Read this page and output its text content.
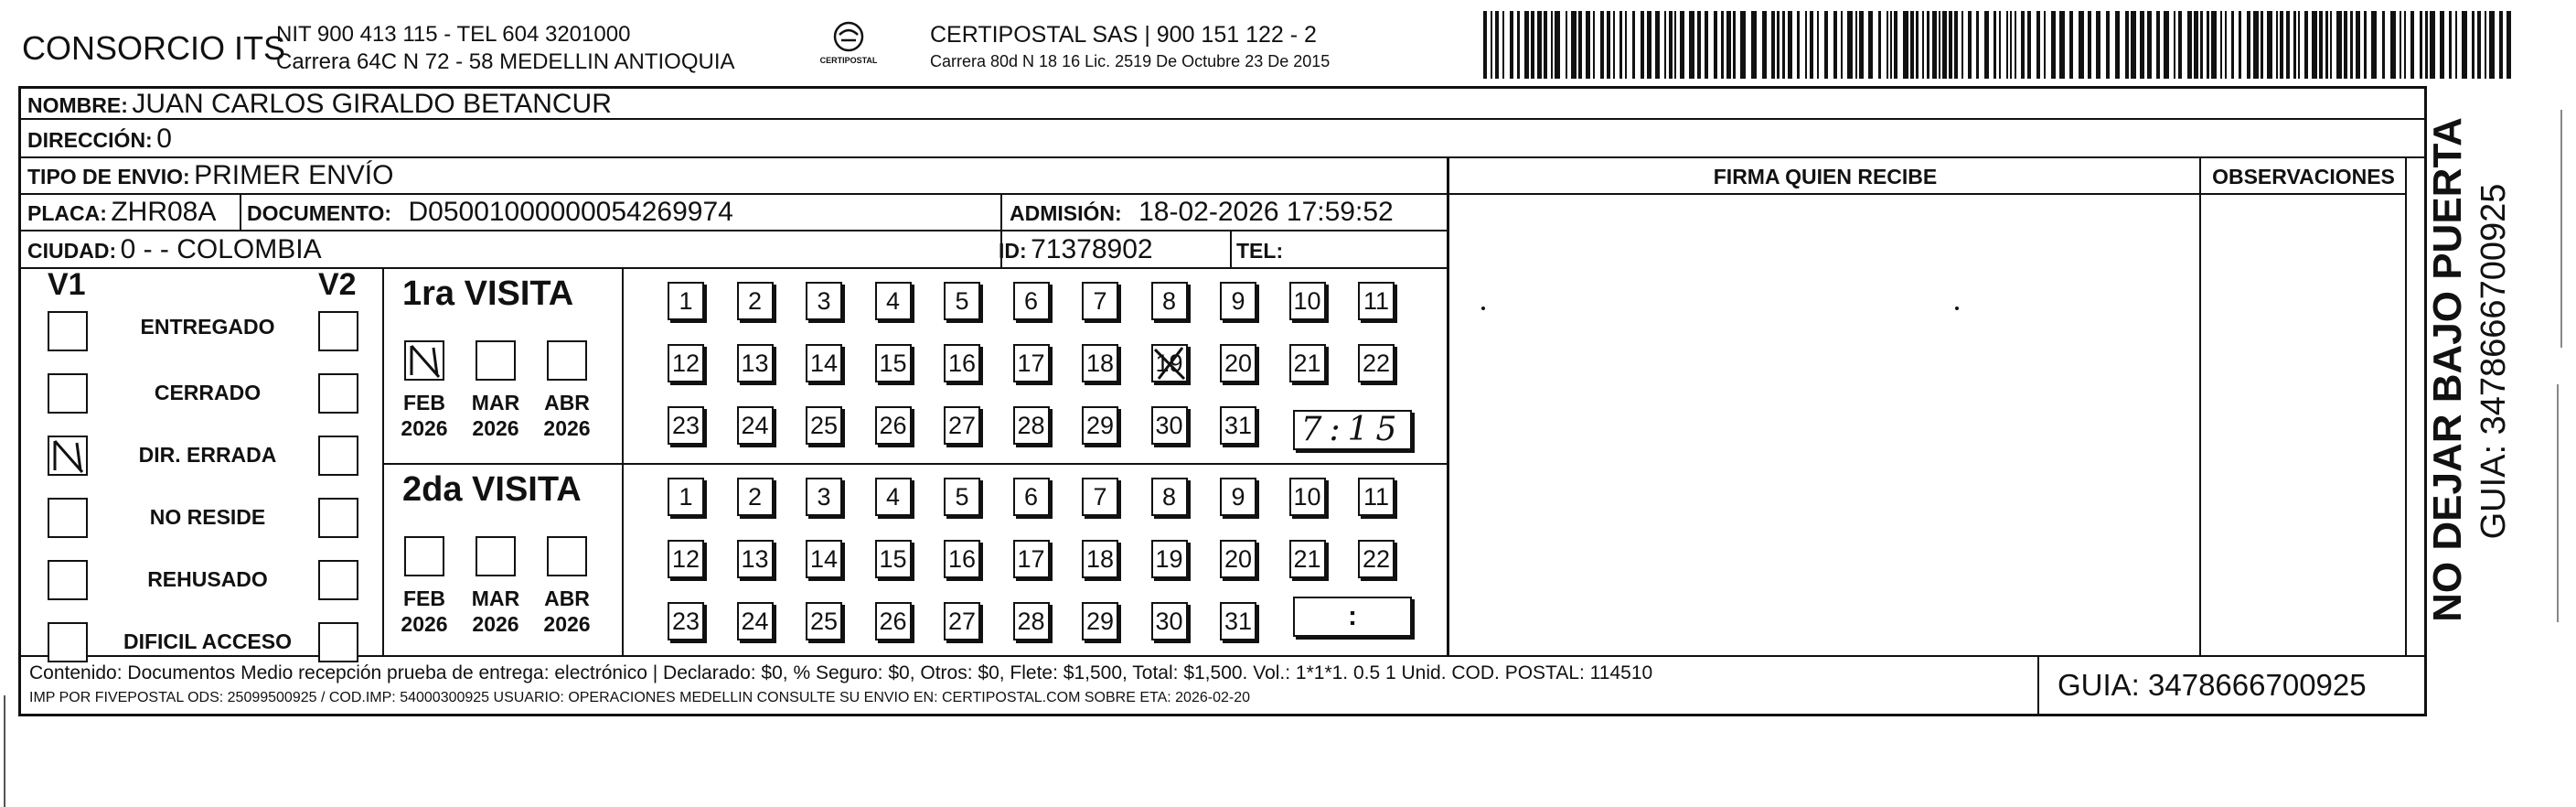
CONSORCIO ITS
NIT 900 413 115 - TEL 604 3201000
Carrera 64C N 72 - 58 MEDELLIN ANTIOQUIA	CERTIPOSTAL
CERTIPOSTAL SAS | 900 151 122 - 2
Carrera 80d N 18 16 Lic. 2519 De Octubre 23 De 2015
NOMBRE: JUAN CARLOS GIRALDO BETANCUR
DIRECCIÓN: 0
TIPO DE ENVIO: PRIMER ENVÍO	FIRMA QUIEN RECIBE	OBSERVACIONES
PLACA: ZHR08A DOCUMENTO: D05001000000054269974	ADMISIÓN: 18-02-2026 17:59:52
CIUDAD: 0 - - COLOMBIA	ID: 71378902	TEL:
V1	V2
ENTREGADO
CERRADO
DIR. ERRADA
NO RESIDE
REHUSADO
DIFICIL ACCESO
1ra VISITA
2da VISITA
FEB
2026
MAR
2026
ABR
2026
FEB
2026
MAR
2026
ABR
2026
1 2 3 4 5 6 7 8 9 10 11
12 13 14 15 16 17 18 19 20 21 22
23 24 25 26 27 28 29 30 31
1 2 3 4 5 6 7 8 9 10 11
12 13 14 15 16 17 18 19 20 21 22
23 24 25 26 27 28 29 30 31
7:15
:
Contenido: Documentos Medio recepción prueba de entrega: electrónico | Declarado: $0, % Seguro: $0, Otros: $0, Flete: $1,500, Total: $1,500. Vol.: 1*1*1. 0.5 1 Unid. COD. POSTAL: 114510
IMP POR FIVEPOSTAL ODS: 25099500925 / COD.IMP: 54000300925 USUARIO: OPERACIONES MEDELLIN CONSULTE SU ENVIO EN: CERTIPOSTAL.COM SOBRE ETA: 2026-02-20	GUIA: 3478666700925
NO DEJAR BAJO PUERTA GUIA: 3478666700925
